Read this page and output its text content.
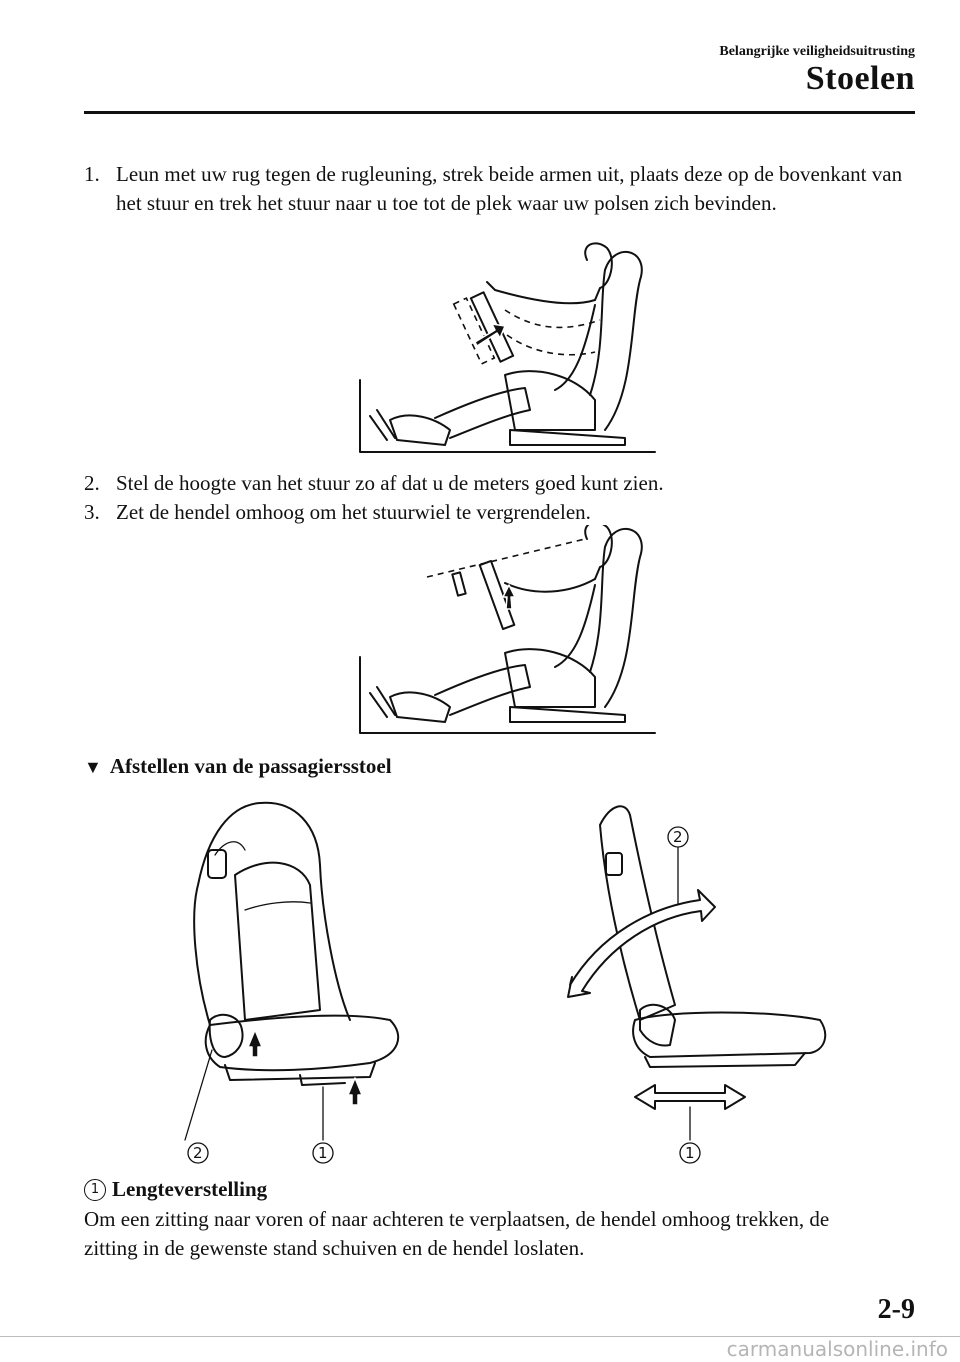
Belangrijke veiligheidsuitrusting
Stoelen
1. Leun met uw rug tegen de rugleuning, strek beide armen uit, plaats deze op de bovenkant van het stuur en trek het stuur naar u toe tot de plek waar uw polsen zich bevinden.
2. Stel de hoogte van het stuur zo af dat u de meters goed kunt zien.
3. Zet de hendel omhoog om het stuurwiel te vergrendelen.
▼ Afstellen van de passagiersstoel
2	1
2
1
1 Lengteverstelling
Om een zitting naar voren of naar achteren te verplaatsen, de hendel omhoog trekken, de zitting in de gewenste stand schuiven en de hendel loslaten.
2-9
carmanualsonline.info
